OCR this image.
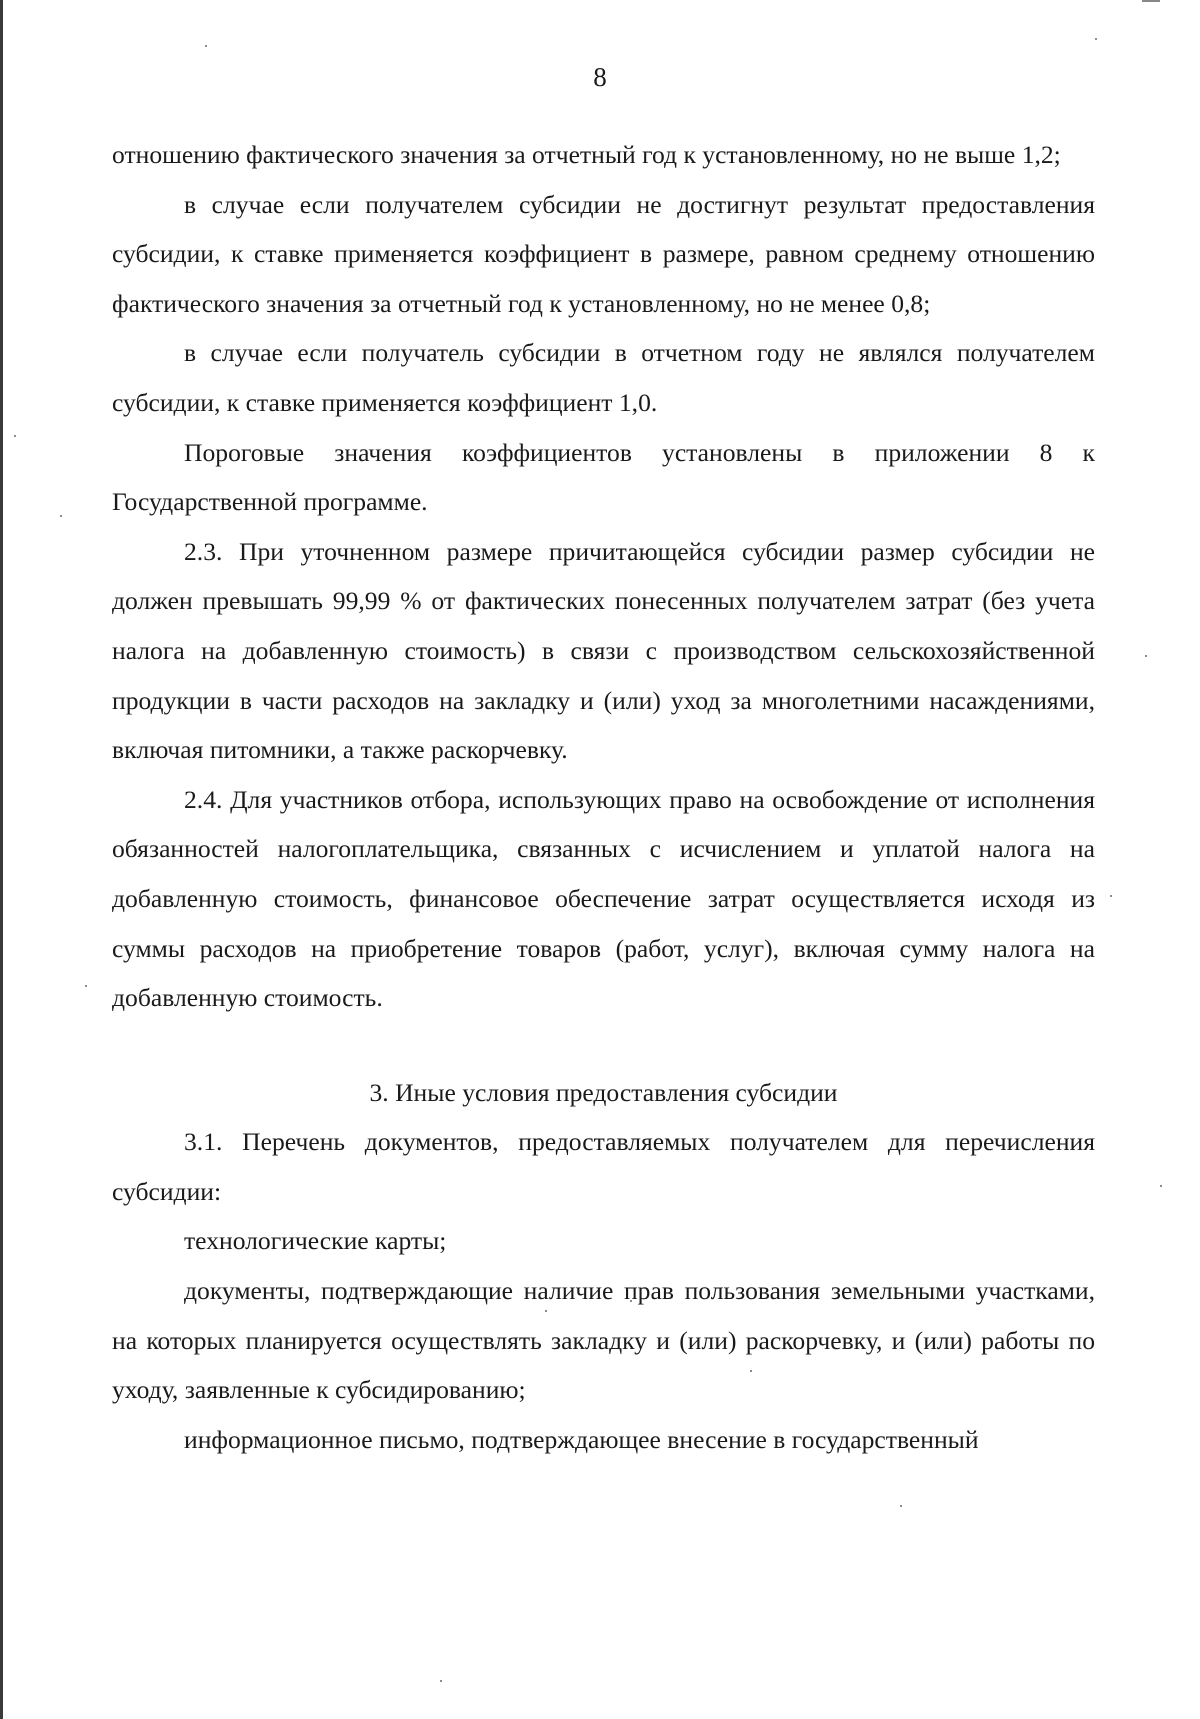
8

отношению фактического значения за отчетный год к установленному, но не выше 1,2;

в случае если получателем субсидии не достигнут результат предоставления субсидии, к ставке применяется коэффициент в размере, равном среднему отношению фактического значения за отчетный год к установленному, но не менее 0,8;

в случае если получатель субсидии в отчетном году не являлся получателем субсидии, к ставке применяется коэффициент 1,0.

Пороговые значения коэффициентов установлены в приложении 8 к Государственной программе.

2.3. При уточненном размере причитающейся субсидии размер субсидии не должен превышать 99,99 % от фактических понесенных получателем затрат (без учета налога на добавленную стоимость) в связи с производством сельскохозяйственной продукции в части расходов на закладку и (или) уход за многолетними насаждениями, включая питомники, а также раскорчевку.

2.4. Для участников отбора, использующих право на освобождение от исполнения обязанностей налогоплательщика, связанных с исчислением и уплатой налога на добавленную стоимость, финансовое обеспечение затрат осуществляется исходя из суммы расходов на приобретение товаров (работ, услуг), включая сумму налога на добавленную стоимость.

3. Иные условия предоставления субсидии

3.1. Перечень документов, предоставляемых получателем для перечисления субсидии:

технологические карты;

документы, подтверждающие наличие прав пользования земельными участками, на которых планируется осуществлять закладку и (или) раскорчевку, и (или) работы по уходу, заявленные к субсидированию;

информационное письмо, подтверждающее внесение в государственный
